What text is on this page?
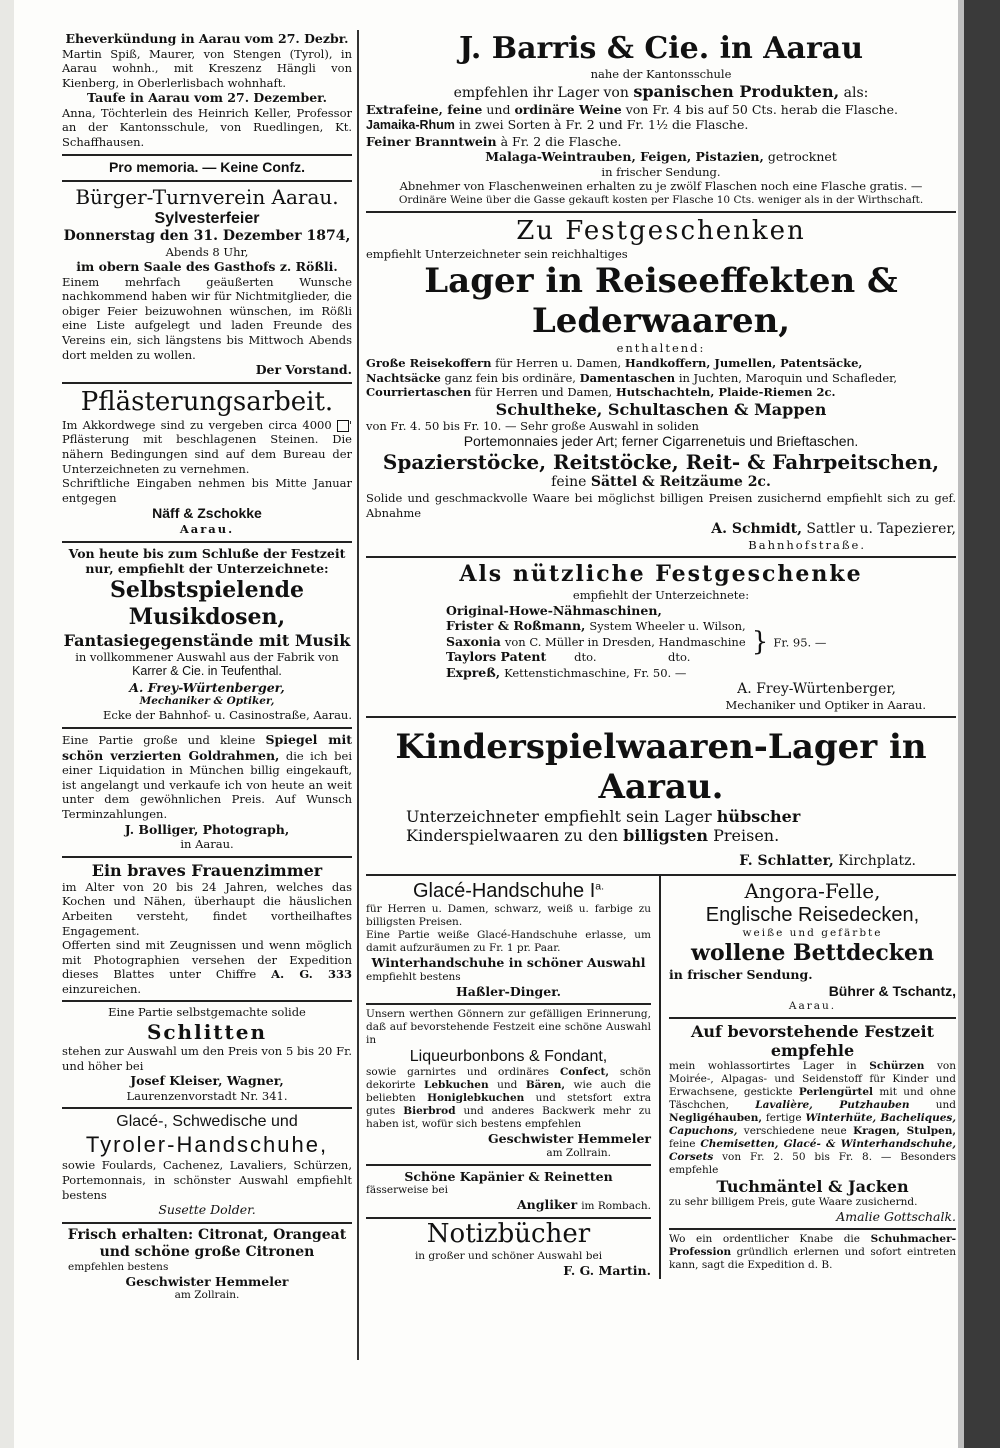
Eheverkündung in Aarau vom 27. Dezbr.

Martin Spiß, Maurer, von Stengen (Tyrol), in Aarau wohnh., mit Kreszenz Hängli von Kienberg, in Oberlerlisbach wohnhaft.

Taufe in Aarau vom 27. Dezember.

Anna, Töchterlein des Heinrich Keller, Professor an der Kantonsschule, von Ruedlingen, Kt. Schaffhausen.

Pro memoria. — Keine Confz.

Bürger-Turnverein Aarau.

Sylvesterfeier

Donnerstag den 31. Dezember 1874,

Abends 8 Uhr,

im obern Saale des Gasthofs z. Rößli.

Einem mehrfach geäußerten Wunsche nachkommend haben wir für Nichtmitglieder, die obiger Feier beizuwohnen wünschen, im Rößli eine Liste aufgelegt und laden Freunde des Vereins ein, sich längstens bis Mittwoch Abends dort melden zu wollen.

Der Vorstand.

Pflästerungsarbeit.

Im Akkordwege sind zu vergeben circa 4000 ' Pflästerung mit beschlagenen Steinen. Die nähern Bedingungen sind auf dem Bureau der Unterzeichneten zu vernehmen.

Schriftliche Eingaben nehmen bis Mitte Januar entgegen

Näff & Zschokke

Aarau.

Von heute bis zum Schluße der Festzeit nur, empfiehlt der Unterzeichnete:

Selbstspielende Musikdosen,

Fantasiegegenstände mit Musik

in vollkommener Auswahl aus der Fabrik von

Karrer & Cie. in Teufenthal.

A. Frey-Würtenberger,

Mechaniker & Optiker,

Ecke der Bahnhof- u. Casinostraße, Aarau.

Eine Partie große und kleine Spiegel mit schön verzierten Goldrahmen, die ich bei einer Liquidation in München billig eingekauft, ist angelangt und verkaufe ich von heute an weit unter dem gewöhnlichen Preis. Auf Wunsch Terminzahlungen.

J. Bolliger, Photograph,

in Aarau.

Ein braves Frauenzimmer

im Alter von 20 bis 24 Jahren, welches das Kochen und Nähen, überhaupt die häuslichen Arbeiten versteht, findet vortheilhaftes Engagement.

Offerten sind mit Zeugnissen und wenn möglich mit Photographien versehen der Expedition dieses Blattes unter Chiffre A. G. 333 einzureichen.

Eine Partie selbstgemachte solide

Schlitten

stehen zur Auswahl um den Preis von 5 bis 20 Fr. und höher bei

Josef Kleiser, Wagner,

Laurenzenvorstadt Nr. 341.

Glacé-, Schwedische und

Tyroler-Handschuhe,

sowie Foulards, Cachenez, Lavaliers, Schürzen, Portemonnais, in schönster Auswahl empfiehlt bestens

Susette Dolder.

Frisch erhalten: Citronat, Orangeat und schöne große Citronen

empfehlen bestens

Geschwister Hemmeler

am Zollrain.

J. Barris & Cie. in Aarau

nahe der Kantonsschule

empfehlen ihr Lager von spanischen Produkten, als:

Extrafeine, feine und ordinäre Weine von Fr. 4 bis auf 50 Cts. herab die Flasche.

Jamaika-Rhum in zwei Sorten à Fr. 2 und Fr. 1½ die Flasche.

Feiner Branntwein à Fr. 2 die Flasche.

Malaga-Weintrauben, Feigen, Pistazien, getrocknet

in frischer Sendung.

Abnehmer von Flaschenweinen erhalten zu je zwölf Flaschen noch eine Flasche gratis. —

Ordinäre Weine über die Gasse gekauft kosten per Flasche 10 Cts. weniger als in der Wirthschaft.

Zu Festgeschenken

empfiehlt Unterzeichneter sein reichhaltiges

Lager in Reiseeffekten & Lederwaaren,

enthaltend:

Große Reisekoffern für Herren u. Damen, Handkoffern, Jumellen, Patentsäcke,

Nachtsäcke ganz fein bis ordinäre, Damentaschen in Juchten, Maroquin und Schafleder,

Courriertaschen für Herren und Damen, Hutschachteln, Plaide-Riemen 2c.

Schultheke, Schultaschen & Mappen

von Fr. 4. 50 bis Fr. 10. — Sehr große Auswahl in soliden

Portemonnaies jeder Art; ferner Cigarrenetuis und Brieftaschen.

Spazierstöcke, Reitstöcke, Reit- & Fahrpeitschen,

feine Sättel & Reitzäume 2c.

Solide und geschmackvolle Waare bei möglichst billigen Preisen zusichernd empfiehlt sich zu gef. Abnahme

A. Schmidt, Sattler u. Tapezierer,

Bahnhofstraße.

Als nützliche Festgeschenke

empfiehlt der Unterzeichnete:

Original-Howe-Nähmaschinen,

Frister & Roßmann, System Wheeler u. Wilson,

Saxonia von C. Müller in Dresden, Handmaschine

Taylors Patent dto.	dto.

Expreß, Kettenstichmaschine, Fr. 50. —

} Fr. 95. —

A. Frey-Würtenberger,

Mechaniker und Optiker in Aarau.

Kinderspielwaaren-Lager in Aarau.

Unterzeichneter empfiehlt sein Lager hübscher Kinderspielwaaren zu den billigsten Preisen.

F. Schlatter, Kirchplatz.

Glacé-Handschuhe $I^{a.}$

für Herren u. Damen, schwarz, weiß u. farbige zu billigsten Preisen.

Eine Partie weiße Glacé-Handschuhe erlasse, um damit aufzuräumen zu Fr. 1 pr. Paar.

Winterhandschuhe in schöner Auswahl

empfiehlt bestens

Haßler-Dinger.

Unsern werthen Gönnern zur gefälligen Erinnerung, daß auf bevorstehende Festzeit eine schöne Auswahl in

Liqueurbonbons & Fondant,

sowie garnirtes und ordinäres Confect, schön dekorirte Lebkuchen und Bären, wie auch die beliebten Honiglebkuchen und stetsfort extra gutes Bierbrod und anderes Backwerk mehr zu haben ist, wofür sich bestens empfehlen

Geschwister Hemmeler

am Zollrain.

Schöne Kapänier & Reinetten

fässerweise bei

Angliker im Rombach.

Notizbücher

in großer und schöner Auswahl bei

F. G. Martin.

Angora-Felle,

Englische Reisedecken,

weiße und gefärbte

wollene Bettdecken

in frischer Sendung.

Bührer & Tschantz,

Aarau.

Auf bevorstehende Festzeit empfehle

mein wohlassortirtes Lager in Schürzen von Moirée-, Alpagas- und Seidenstoff für Kinder und Erwachsene, gestickte Perlengürtel mit und ohne Täschchen,	Lavalière, Putzhauben	und Negligéhauben, fertige Winterhüte, Bacheliques, Capuchons, verschiedene neue Kragen, Stulpen, feine Chemisetten, Glacé- & Winterhandschuhe, Corsets von Fr. 2. 50 bis Fr. 8. — Besonders empfehle

Tuchmäntel & Jacken

zu sehr billigem Preis, gute Waare zusichernd.

Amalie Gottschalk.

Wo ein ordentlicher Knabe die Schuhmacher-Profession gründlich erlernen und sofort eintreten kann, sagt die Expedition d. B.
